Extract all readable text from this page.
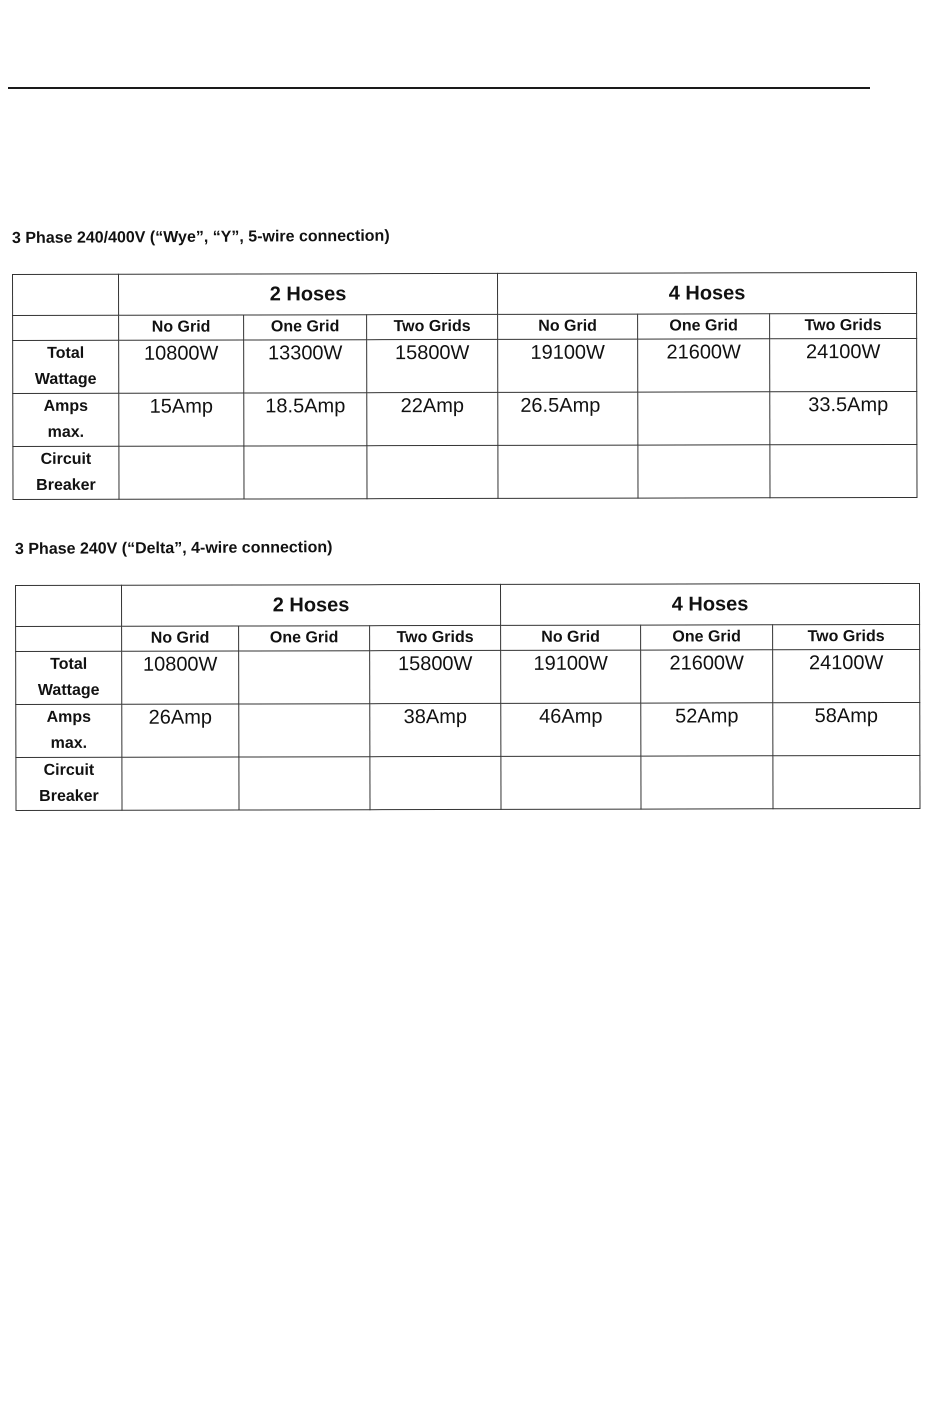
3 Phase 240/400V (“Wye”, “Y”, 5-wire connection)
	2 Hoses			4 Hoses		
	No Grid	One Grid	Two Grids	No Grid	One Grid	Two Grids

Total
Wattage	10800W	13300W	15800W	19100W	21600W	24100W

Amps
max.	15Amp	18.5Amp	22Amp	26.5Amp		33.5Amp

Circuit
Breaker						

3 Phase 240V (“Delta”, 4-wire connection)
	2 Hoses			4 Hoses		
	No Grid	One Grid	Two Grids	No Grid	One Grid	Two Grids

Total
Wattage	10800W		15800W	19100W	21600W	24100W

Amps
max.	26Amp		38Amp	46Amp	52Amp	58Amp

Circuit
Breaker						
